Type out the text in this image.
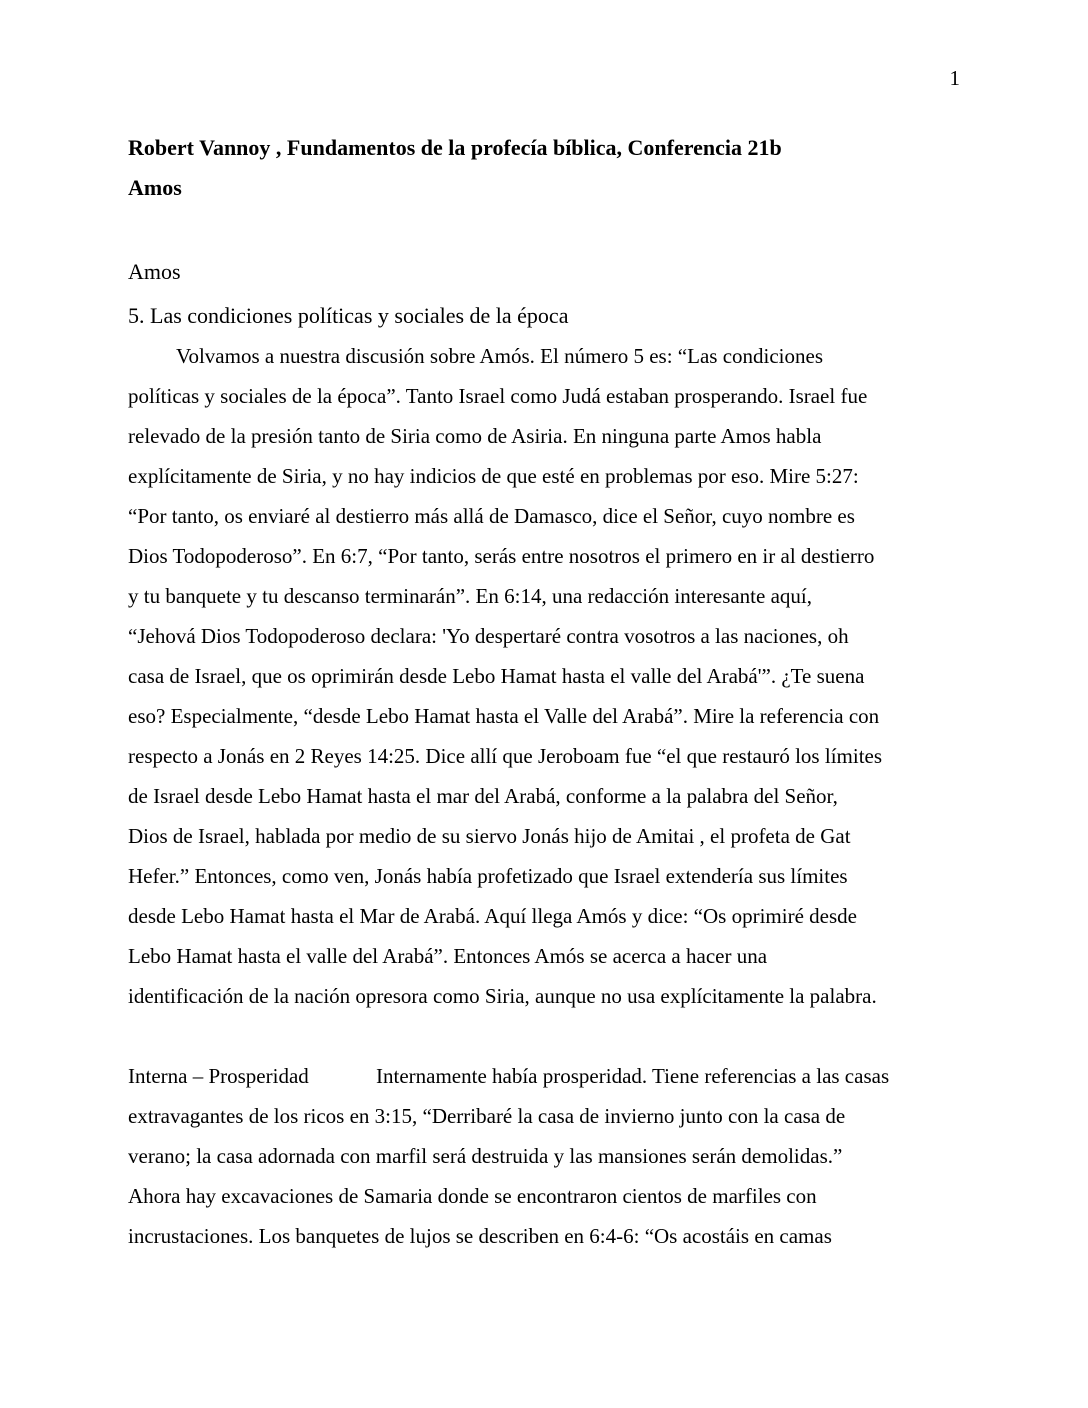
1
Robert Vannoy , Fundamentos de la profecía bíblica, Conferencia 21b
Amos
Amos
5. Las condiciones políticas y sociales de la época
Volvamos a nuestra discusión sobre Amós. El número 5 es: “Las condiciones
políticas y sociales de la época”. Tanto Israel como Judá estaban prosperando. Israel fue
relevado de la presión tanto de Siria como de Asiria. En ninguna parte Amos habla
explícitamente de Siria, y no hay indicios de que esté en problemas por eso. Mire 5:27:
“Por tanto, os enviaré al destierro más allá de Damasco, dice el Señor, cuyo nombre es
Dios Todopoderoso”. En 6:7, “Por tanto, serás entre nosotros el primero en ir al destierro
y tu banquete y tu descanso terminarán”. En 6:14, una redacción interesante aquí,
“Jehová Dios Todopoderoso declara: 'Yo despertaré contra vosotros a las naciones, oh
casa de Israel, que os oprimirán desde Lebo Hamat hasta el valle del Arabá'”. ¿Te suena
eso? Especialmente, “desde Lebo Hamat hasta el Valle del Arabá”. Mire la referencia con
respecto a Jonás en 2 Reyes 14:25. Dice allí que Jeroboam fue “el que restauró los límites
de Israel desde Lebo Hamat hasta el mar del Arabá, conforme a la palabra del Señor,
Dios de Israel, hablada por medio de su siervo Jonás hijo de Amitai , el profeta de Gat
Hefer.” Entonces, como ven, Jonás había profetizado que Israel extendería sus límites
desde Lebo Hamat hasta el Mar de Arabá. Aquí llega Amós y dice: “Os oprimiré desde
Lebo Hamat hasta el valle del Arabá”. Entonces Amós se acerca a hacer una
identificación de la nación opresora como Siria, aunque no usa explícitamente la palabra.
Interna – Prosperidad	Internamente había prosperidad. Tiene referencias a las casas
extravagantes de los ricos en 3:15, “Derribaré la casa de invierno junto con la casa de
verano; la casa adornada con marfil será destruida y las mansiones serán demolidas.”
Ahora hay excavaciones de Samaria donde se encontraron cientos de marfiles con
incrustaciones. Los banquetes de lujos se describen en 6:4-6: “Os acostáis en camas
